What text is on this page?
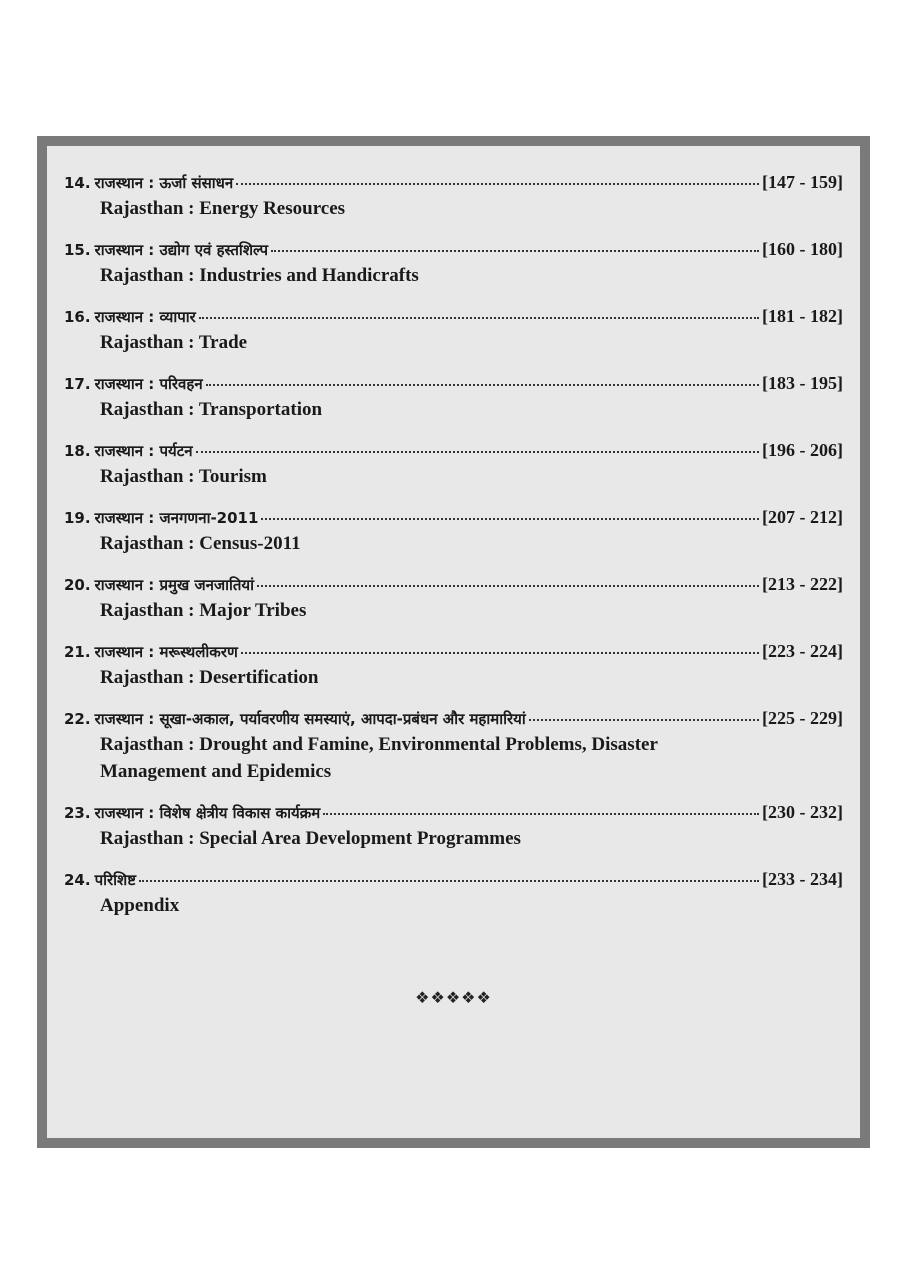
14. राजस्थान : ऊर्जा संसाधन	[147 - 159]
Rajasthan : Energy Resources
15. राजस्थान : उद्योग एवं हस्तशिल्प	[160 - 180]
Rajasthan : Industries and Handicrafts
16. राजस्थान : व्यापार	[181 - 182]
Rajasthan : Trade
17. राजस्थान : परिवहन	[183 - 195]
Rajasthan : Transportation
18. राजस्थान : पर्यटन	[196 - 206]
Rajasthan : Tourism
19. राजस्थान : जनगणना-2011	[207 - 212]
Rajasthan : Census-2011
20. राजस्थान : प्रमुख जनजातियां	[213 - 222]
Rajasthan : Major Tribes
21. राजस्थान : मरूस्थलीकरण	[223 - 224]
Rajasthan : Desertification
22. राजस्थान : सूखा-अकाल, पर्यावरणीय समस्याएं, आपदा-प्रबंधन और महामारियां	[225 - 229]
Rajasthan : Drought and Famine, Environmental Problems, Disaster Management and Epidemics
23. राजस्थान : विशेष क्षेत्रीय विकास कार्यक्रम	[230 - 232]
Rajasthan : Special Area Development Programmes
24. परिशिष्ट	[233 - 234]
Appendix
❖❖❖❖❖
